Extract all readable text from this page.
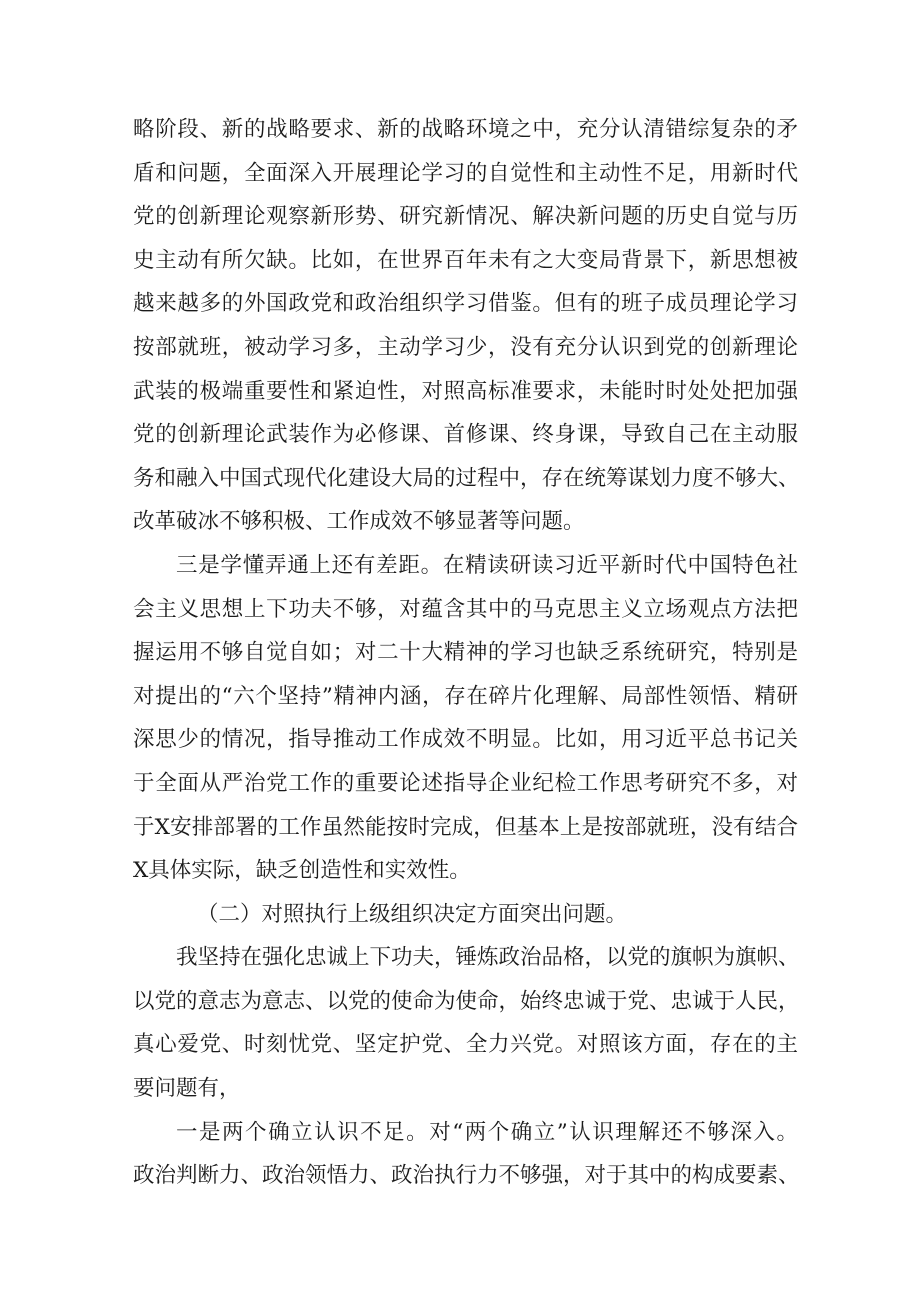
略阶段、新的战略要求、新的战略环境之中，充分认清错综复杂的矛
盾和问题，全面深入开展理论学习的自觉性和主动性不足，用新时代
党的创新理论观察新形势、研究新情况、解决新问题的历史自觉与历
史主动有所欠缺。比如，在世界百年未有之大变局背景下，新思想被
越来越多的外国政党和政治组织学习借鉴。但有的班子成员理论学习
按部就班，被动学习多，主动学习少，没有充分认识到党的创新理论
武装的极端重要性和紧迫性，对照高标准要求，未能时时处处把加强
党的创新理论武装作为必修课、首修课、终身课，导致自己在主动服
务和融入中国式现代化建设大局的过程中，存在统筹谋划力度不够大、
改革破冰不够积极、工作成效不够显著等问题。
三是学懂弄通上还有差距。在精读研读习近平新时代中国特色社
会主义思想上下功夫不够，对蕴含其中的马克思主义立场观点方法把
握运用不够自觉自如；对二十大精神的学习也缺乏系统研究，特别是
对提出的“六个坚持”精神内涵，存在碎片化理解、局部性领悟、精研
深思少的情况，指导推动工作成效不明显。比如，用习近平总书记关
于全面从严治党工作的重要论述指导企业纪检工作思考研究不多，对
于X安排部署的工作虽然能按时完成，但基本上是按部就班，没有结合
X具体实际，缺乏创造性和实效性。
（二）对照执行上级组织决定方面突出问题。
我坚持在强化忠诚上下功夫，锤炼政治品格，以党的旗帜为旗帜、
以党的意志为意志、以党的使命为使命，始终忠诚于党、忠诚于人民，
真心爱党、时刻忧党、坚定护党、全力兴党。对照该方面，存在的主
要问题有，
一是两个确立认识不足。对“两个确立”认识理解还不够深入。
政治判断力、政治领悟力、政治执行力不够强，对于其中的构成要素、
